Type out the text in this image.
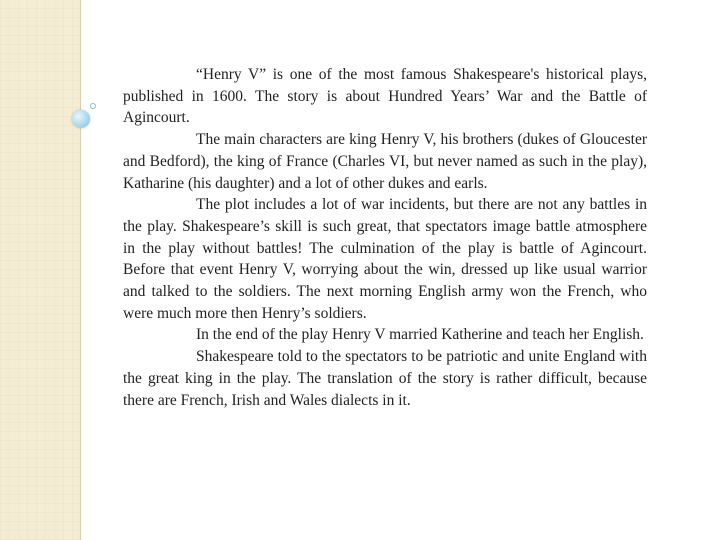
“Henry V” is one of the most famous Shakespeare's historical plays, published in 1600. The story is about Hundred Years’ War and the Battle of Agincourt.

The main characters are king Henry V, his brothers (dukes of Gloucester and Bedford), the king of France (Charles VI, but never named as such in the play), Katharine (his daughter) and a lot of other dukes and earls.

The plot includes a lot of war incidents, but there are not any battles in the play. Shakespeare’s skill is such great, that spectators image battle atmosphere in the play without battles! The culmination of the play is battle of Agincourt. Before that event Henry V, worrying about the win, dressed up like usual warrior and talked to the soldiers. The next morning English army won the French, who were much more then Henry’s soldiers.

In the end of the play Henry V married Katherine and teach her English.

Shakespeare told to the spectators to be patriotic and unite England with the great king in the play. The translation of the story is rather difficult, because there are French, Irish and Wales dialects in it.
